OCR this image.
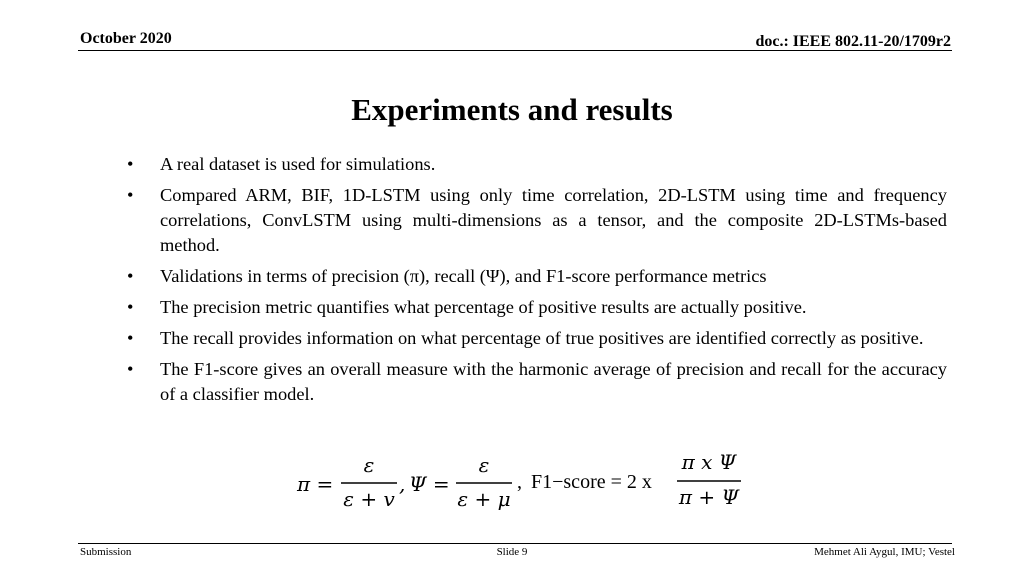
October 2020	doc.: IEEE 802.11-20/1709r2
Experiments and results
• A real dataset is used for simulations.
• Compared ARM, BIF, 1D-LSTM using only time correlation, 2D-LSTM using time and frequency correlations, ConvLSTM using multi-dimensions as a tensor, and the composite 2D-LSTMs-based method.
• Validations in terms of precision (π), recall (Ψ), and F1-score performance metrics
• The precision metric quantifies what percentage of positive results are actually positive.
• The recall provides information on what percentage of true positives are identified correctly as positive.
• The F1-score gives an overall measure with the harmonic average of precision and recall for the accuracy of a classifier model.
π =
ε
ε + v
, Ψ =
ε
ε + μ
, F1−score = 2 x
π x Ψ
π + Ψ
Submission	Slide 9	Mehmet Ali Aygul, IMU; Vestel
